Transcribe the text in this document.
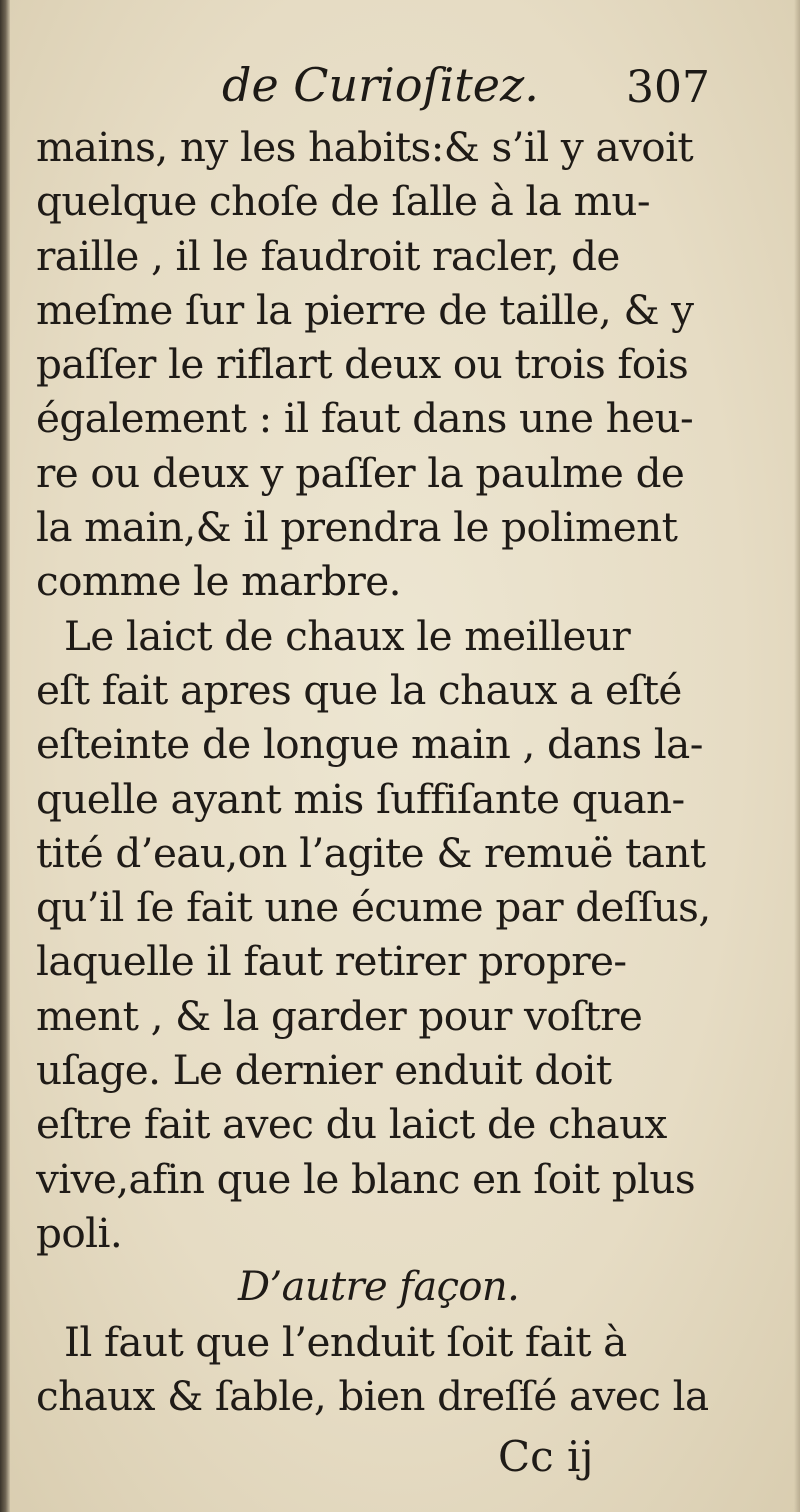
de Curioſitez. 307
mains, ny les habits:& s’il y avoit
quelque choſe de ſalle à la mu-
raille , il le faudroit racler, de
meſme ſur la pierre de taille, & y
paſſer le riflart deux ou trois fois
également : il faut dans une heu-
re ou deux y paſſer la paulme de
la main,& il prendra le poliment
comme le marbre.
Le laict de chaux le meilleur
eſt fait apres que la chaux a eſté
eſteinte de longue main , dans la-
quelle ayant mis ſuffiſante quan-
tité d’eau,on l’agite & remuë tant
qu’il ſe fait une écume par deſſus,
laquelle il faut retirer propre-
ment , & la garder pour voſtre
uſage. Le dernier enduit doit
eſtre fait avec du laict de chaux
vive,afin que le blanc en ſoit plus
poli.
D’autre façon.
Il faut que l’enduit ſoit fait à
chaux & ſable, bien dreſſé avec la
Cc ij
